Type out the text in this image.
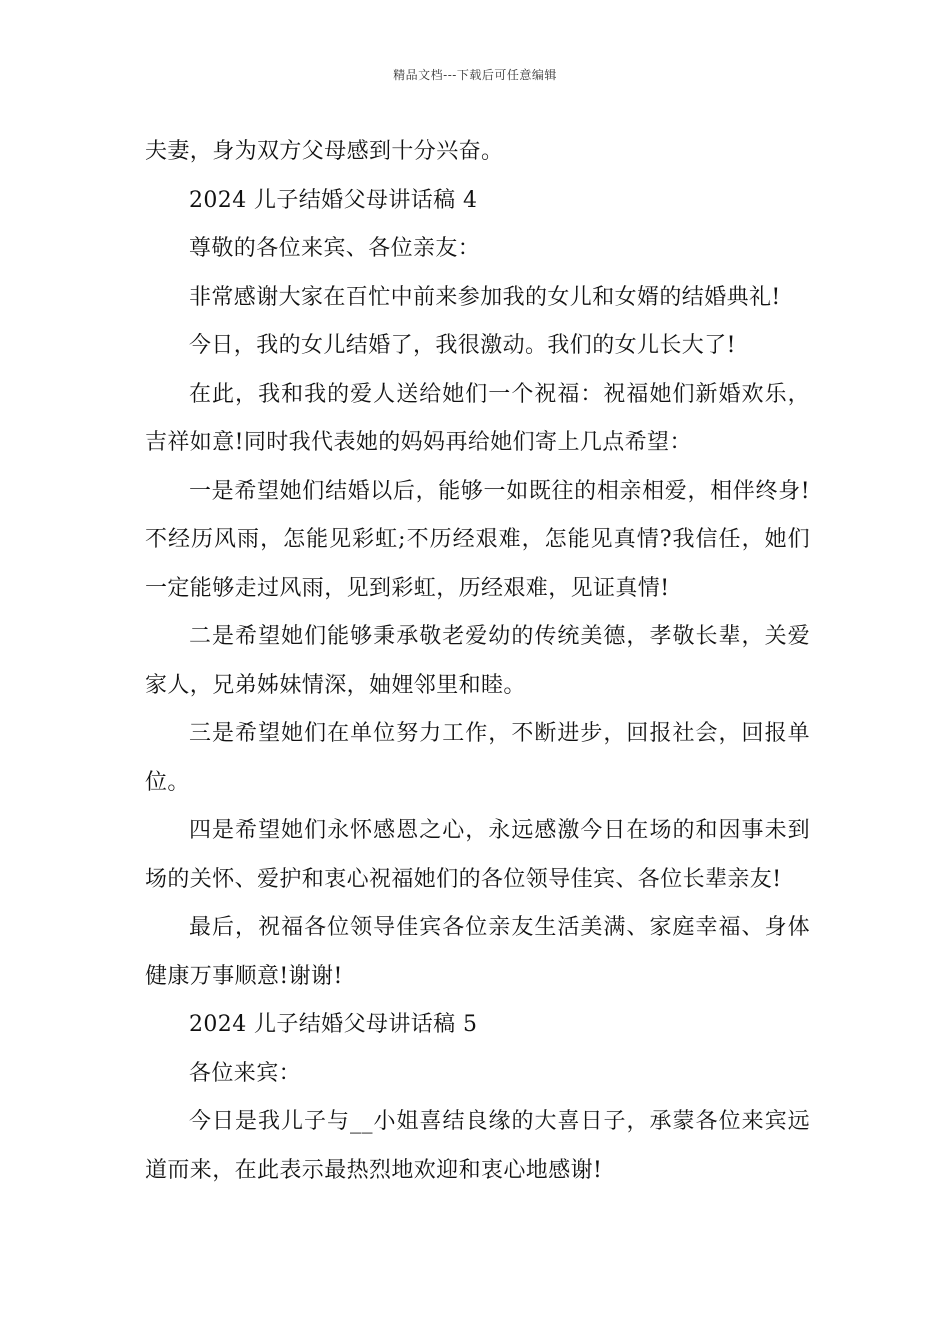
精品文档---下载后可任意编辑

夫妻，身为双方父母感到十分兴奋。

2024 儿子结婚父母讲话稿 4

尊敬的各位来宾、各位亲友：

非常感谢大家在百忙中前来参加我的女儿和女婿的结婚典礼!

今日，我的女儿结婚了，我很激动。我们的女儿长大了!

在此，我和我的爱人送给她们一个祝福：祝福她们新婚欢乐，吉祥如意!同时我代表她的妈妈再给她们寄上几点希望：

一是希望她们结婚以后，能够一如既往的相亲相爱，相伴终身!不经历风雨，怎能见彩虹;不历经艰难，怎能见真情?我信任，她们一定能够走过风雨，见到彩虹，历经艰难，见证真情!

二是希望她们能够秉承敬老爱幼的传统美德，孝敬长辈，关爱家人，兄弟姊妹情深，妯娌邻里和睦。

三是希望她们在单位努力工作，不断进步，回报社会，回报单位。

四是希望她们永怀感恩之心，永远感激今日在场的和因事未到场的关怀、爱护和衷心祝福她们的各位领导佳宾、各位长辈亲友!

最后，祝福各位领导佳宾各位亲友生活美满、家庭幸福、身体健康万事顺意!谢谢!

2024 儿子结婚父母讲话稿 5

各位来宾：

今日是我儿子与__小姐喜结良缘的大喜日子，承蒙各位来宾远道而来，在此表示最热烈地欢迎和衷心地感谢!
